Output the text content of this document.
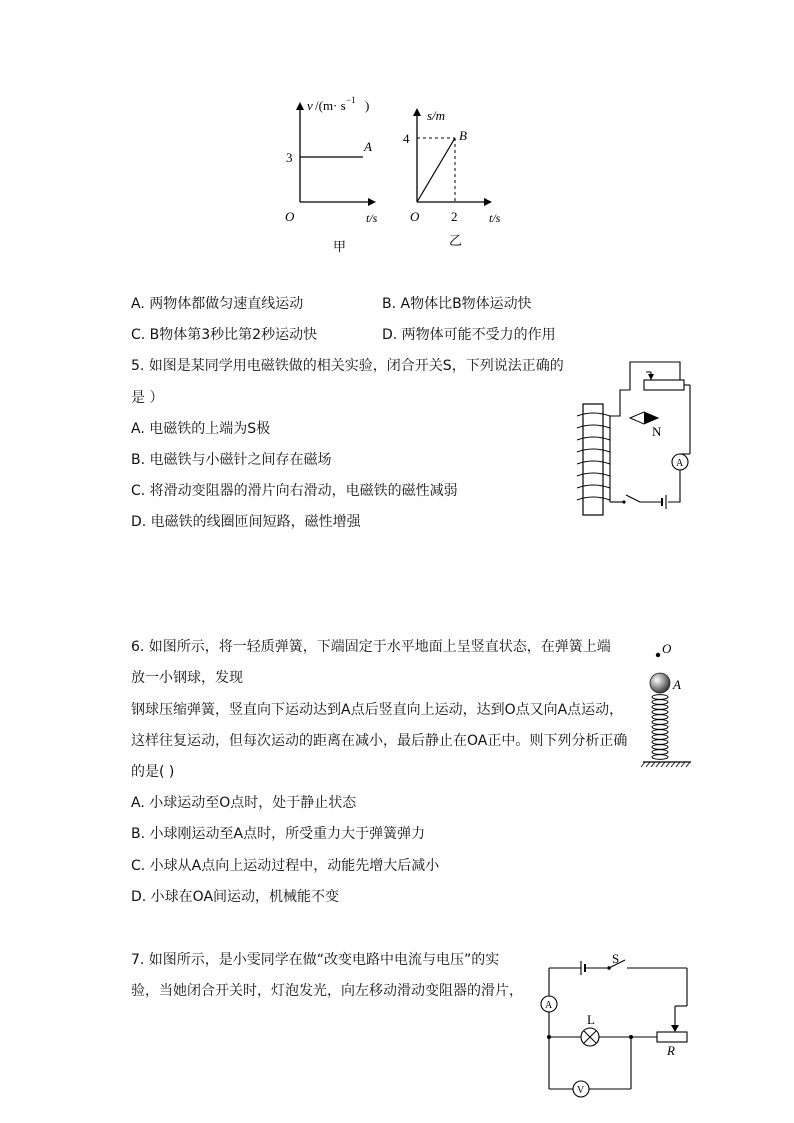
v /(m· s −1 )
3
A
O	t/s
甲
s/m
4	B
O 2	t/s
乙
A. 两物体都做匀速直线运动	B. A物体比B物体运动快
C. B物体第3秒比第2秒运动快	D. 两物体可能不受力的作用
5. 如图是某同学用电磁铁做的相关实验，闭合开关S，下列说法正确的
是 ）
A. 电磁铁的上端为S极
B. 电磁铁与小磁针之间存在磁场
C. 将滑动变阻器的滑片向右滑动，电磁铁的磁性减弱
D. 电磁铁的线圈匝间短路，磁性增强
N
A
6. 如图所示，将一轻质弹簧，下端固定于水平地面上呈竖直状态，在弹簧上端
放一小钢球，发现
钢球压缩弹簧，竖直向下运动达到A点后竖直向上运动，达到O点又向A点运动，
这样往复运动，但每次运动的距离在减小，最后静止在OA正中。则下列分析正确
的是( )
A. 小球运动至O点时，处于静止状态
B. 小球刚运动至A点时，所受重力大于弹簧弹力
C. 小球从A点向上运动过程中，动能先增大后减小
D. 小球在OA间运动，机械能不变
O
A
7. 如图所示，是小雯同学在做“改变电路中电流与电压”的实
验，当她闭合开关时，灯泡发光，向左移动滑动变阻器的滑片，
S
A
L
R
V
